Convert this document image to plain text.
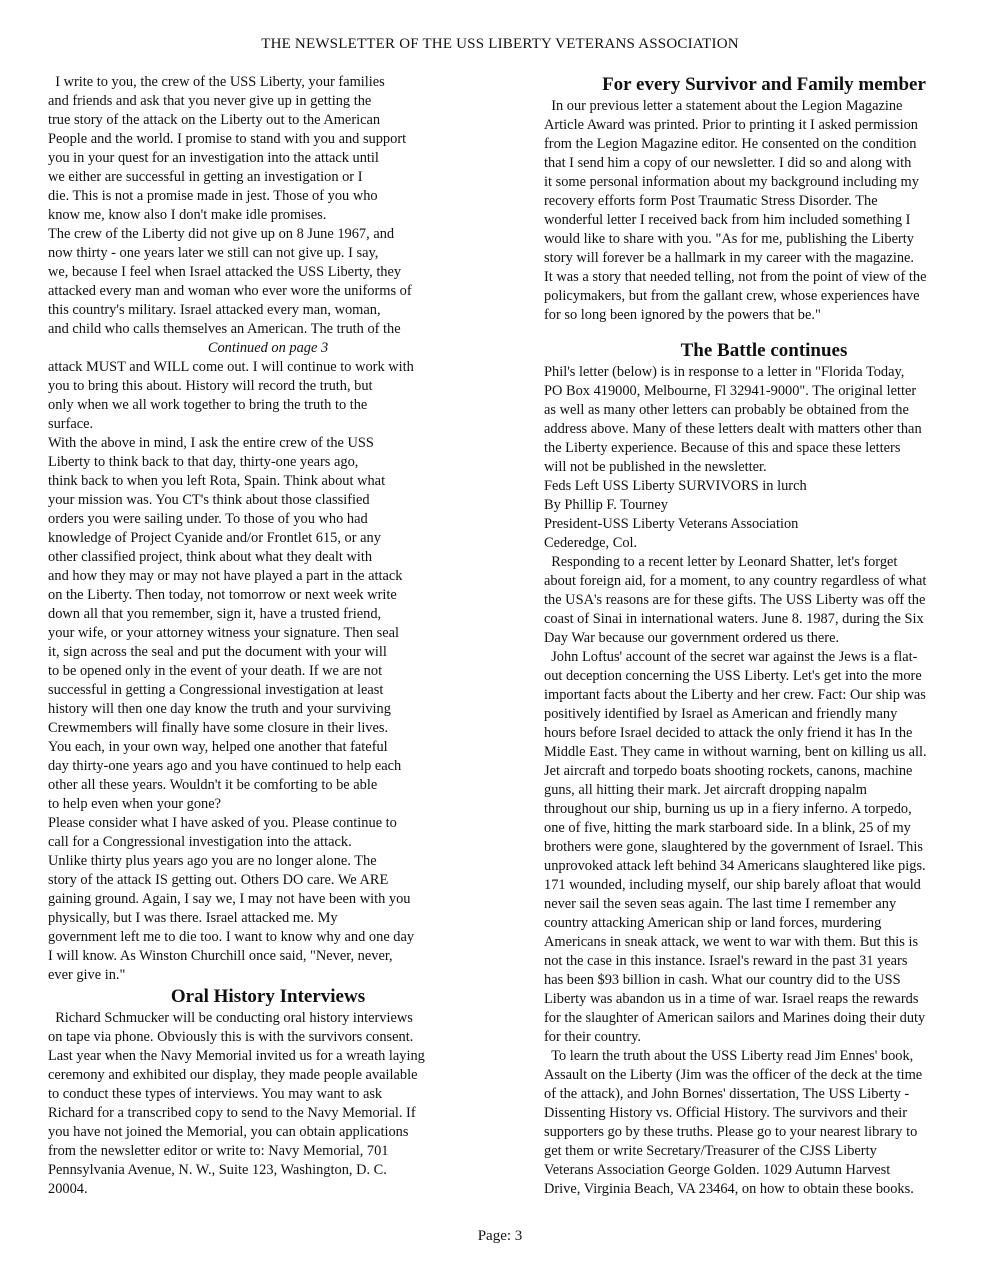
THE NEWSLETTER OF THE USS LIBERTY VETERANS ASSOCIATION
I write to you, the crew of the USS Liberty, your families
and friends and ask that you never give up in getting the
true story of the attack on the Liberty out to the American
People and the world. I promise to stand with you and support
you in your quest for an investigation into the attack until
we either are successful in getting an investigation or I
die. This is not a promise made in jest. Those of you who
know me, know also I don't make idle promises.
The crew of the Liberty did not give up on 8 June 1967, and
now thirty - one years later we still can not give up. I say,
we, because I feel when Israel attacked the USS Liberty, they
attacked every man and woman who ever wore the uniforms of
this country's military. Israel attacked every man, woman,
and child who calls themselves an American. The truth of the
Continued on page 3
attack MUST and WILL come out. I will continue to work with
you to bring this about. History will record the truth, but
only when we all work together to bring the truth to the
surface.
With the above in mind, I ask the entire crew of the USS
Liberty to think back to that day, thirty-one years ago,
think back to when you left Rota, Spain. Think about what
your mission was. You CT's think about those classified
orders you were sailing under. To those of you who had
knowledge of Project Cyanide and/or Frontlet 615, or any
other classified project, think about what they dealt with
and how they may or may not have played a part in the attack
on the Liberty. Then today, not tomorrow or next week write
down all that you remember, sign it, have a trusted friend,
your wife, or your attorney witness your signature. Then seal
it, sign across the seal and put the document with your will
to be opened only in the event of your death. If we are not
successful in getting a Congressional investigation at least
history will then one day know the truth and your surviving
Crewmembers will finally have some closure in their lives.
You each, in your own way, helped one another that fateful
day thirty-one years ago and you have continued to help each
other all these years. Wouldn't it be comforting to be able
to help even when your gone?
Please consider what I have asked of you. Please continue to
call for a Congressional investigation into the attack.
Unlike thirty plus years ago you are no longer alone. The
story of the attack IS getting out. Others DO care. We ARE
gaining ground. Again, I say we, I may not have been with you
physically, but I was there. Israel attacked me. My
government left me to die too. I want to know why and one day
I will know. As Winston Churchill once said, "Never, never,
ever give in."
Oral History Interviews
Richard Schmucker will be conducting oral history interviews
on tape via phone. Obviously this is with the survivors consent.
Last year when the Navy Memorial invited us for a wreath laying
ceremony and exhibited our display, they made people available
to conduct these types of interviews. You may want to ask
Richard for a transcribed copy to send to the Navy Memorial. If
you have not joined the Memorial, you can obtain applications
from the newsletter editor or write to: Navy Memorial, 701
Pennsylvania Avenue, N. W., Suite 123, Washington, D. C.
20004.
For every Survivor and Family member
In our previous letter a statement about the Legion Magazine
Article Award was printed. Prior to printing it I asked permission
from the Legion Magazine editor. He consented on the condition
that I send him a copy of our newsletter. I did so and along with
it some personal information about my background including my
recovery efforts form Post Traumatic Stress Disorder. The
wonderful letter I received back from him included something I
would like to share with you. "As for me, publishing the Liberty
story will forever be a hallmark in my career with the magazine.
It was a story that needed telling, not from the point of view of the
policymakers, but from the gallant crew, whose experiences have
for so long been ignored by the powers that be."
The Battle continues
Phil's letter (below) is in response to a letter in "Florida Today,
PO Box 419000, Melbourne, Fl 32941-9000". The original letter
as well as many other letters can probably be obtained from the
address above. Many of these letters dealt with matters other than
the Liberty experience. Because of this and space these letters
will not be published in the newsletter.
Feds Left USS Liberty SURVIVORS in lurch
By Phillip F. Tourney
President-USS Liberty Veterans Association
Cederedge, Col.
Responding to a recent letter by Leonard Shatter, let's forget
about foreign aid, for a moment, to any country regardless of what
the USA's reasons are for these gifts. The USS Liberty was off the
coast of Sinai in international waters. June 8. 1987, during the Six
Day War because our government ordered us there.
John Loftus' account of the secret war against the Jews is a flat-
out deception concerning the USS Liberty. Let's get into the more
important facts about the Liberty and her crew. Fact: Our ship was
positively identified by Israel as American and friendly many
hours before Israel decided to attack the only friend it has In the
Middle East. They came in without warning, bent on killing us all.
Jet aircraft and torpedo boats shooting rockets, canons, machine
guns, all hitting their mark. Jet aircraft dropping napalm
throughout our ship, burning us up in a fiery inferno. A torpedo,
one of five, hitting the mark starboard side. In a blink, 25 of my
brothers were gone, slaughtered by the government of Israel. This
unprovoked attack left behind 34 Americans slaughtered like pigs.
171 wounded, including myself, our ship barely afloat that would
never sail the seven seas again. The last time I remember any
country attacking American ship or land forces, murdering
Americans in sneak attack, we went to war with them. But this is
not the case in this instance. Israel's reward in the past 31 years
has been $93 billion in cash. What our country did to the USS
Liberty was abandon us in a time of war. Israel reaps the rewards
for the slaughter of American sailors and Marines doing their duty
for their country.
To learn the truth about the USS Liberty read Jim Ennes' book,
Assault on the Liberty (Jim was the officer of the deck at the time
of the attack), and John Bornes' dissertation, The USS Liberty -
Dissenting History vs. Official History. The survivors and their
supporters go by these truths. Please go to your nearest library to
get them or write Secretary/Treasurer of the CJSS Liberty
Veterans Association George Golden. 1029 Autumn Harvest
Drive, Virginia Beach, VA 23464, on how to obtain these books.
Page: 3
